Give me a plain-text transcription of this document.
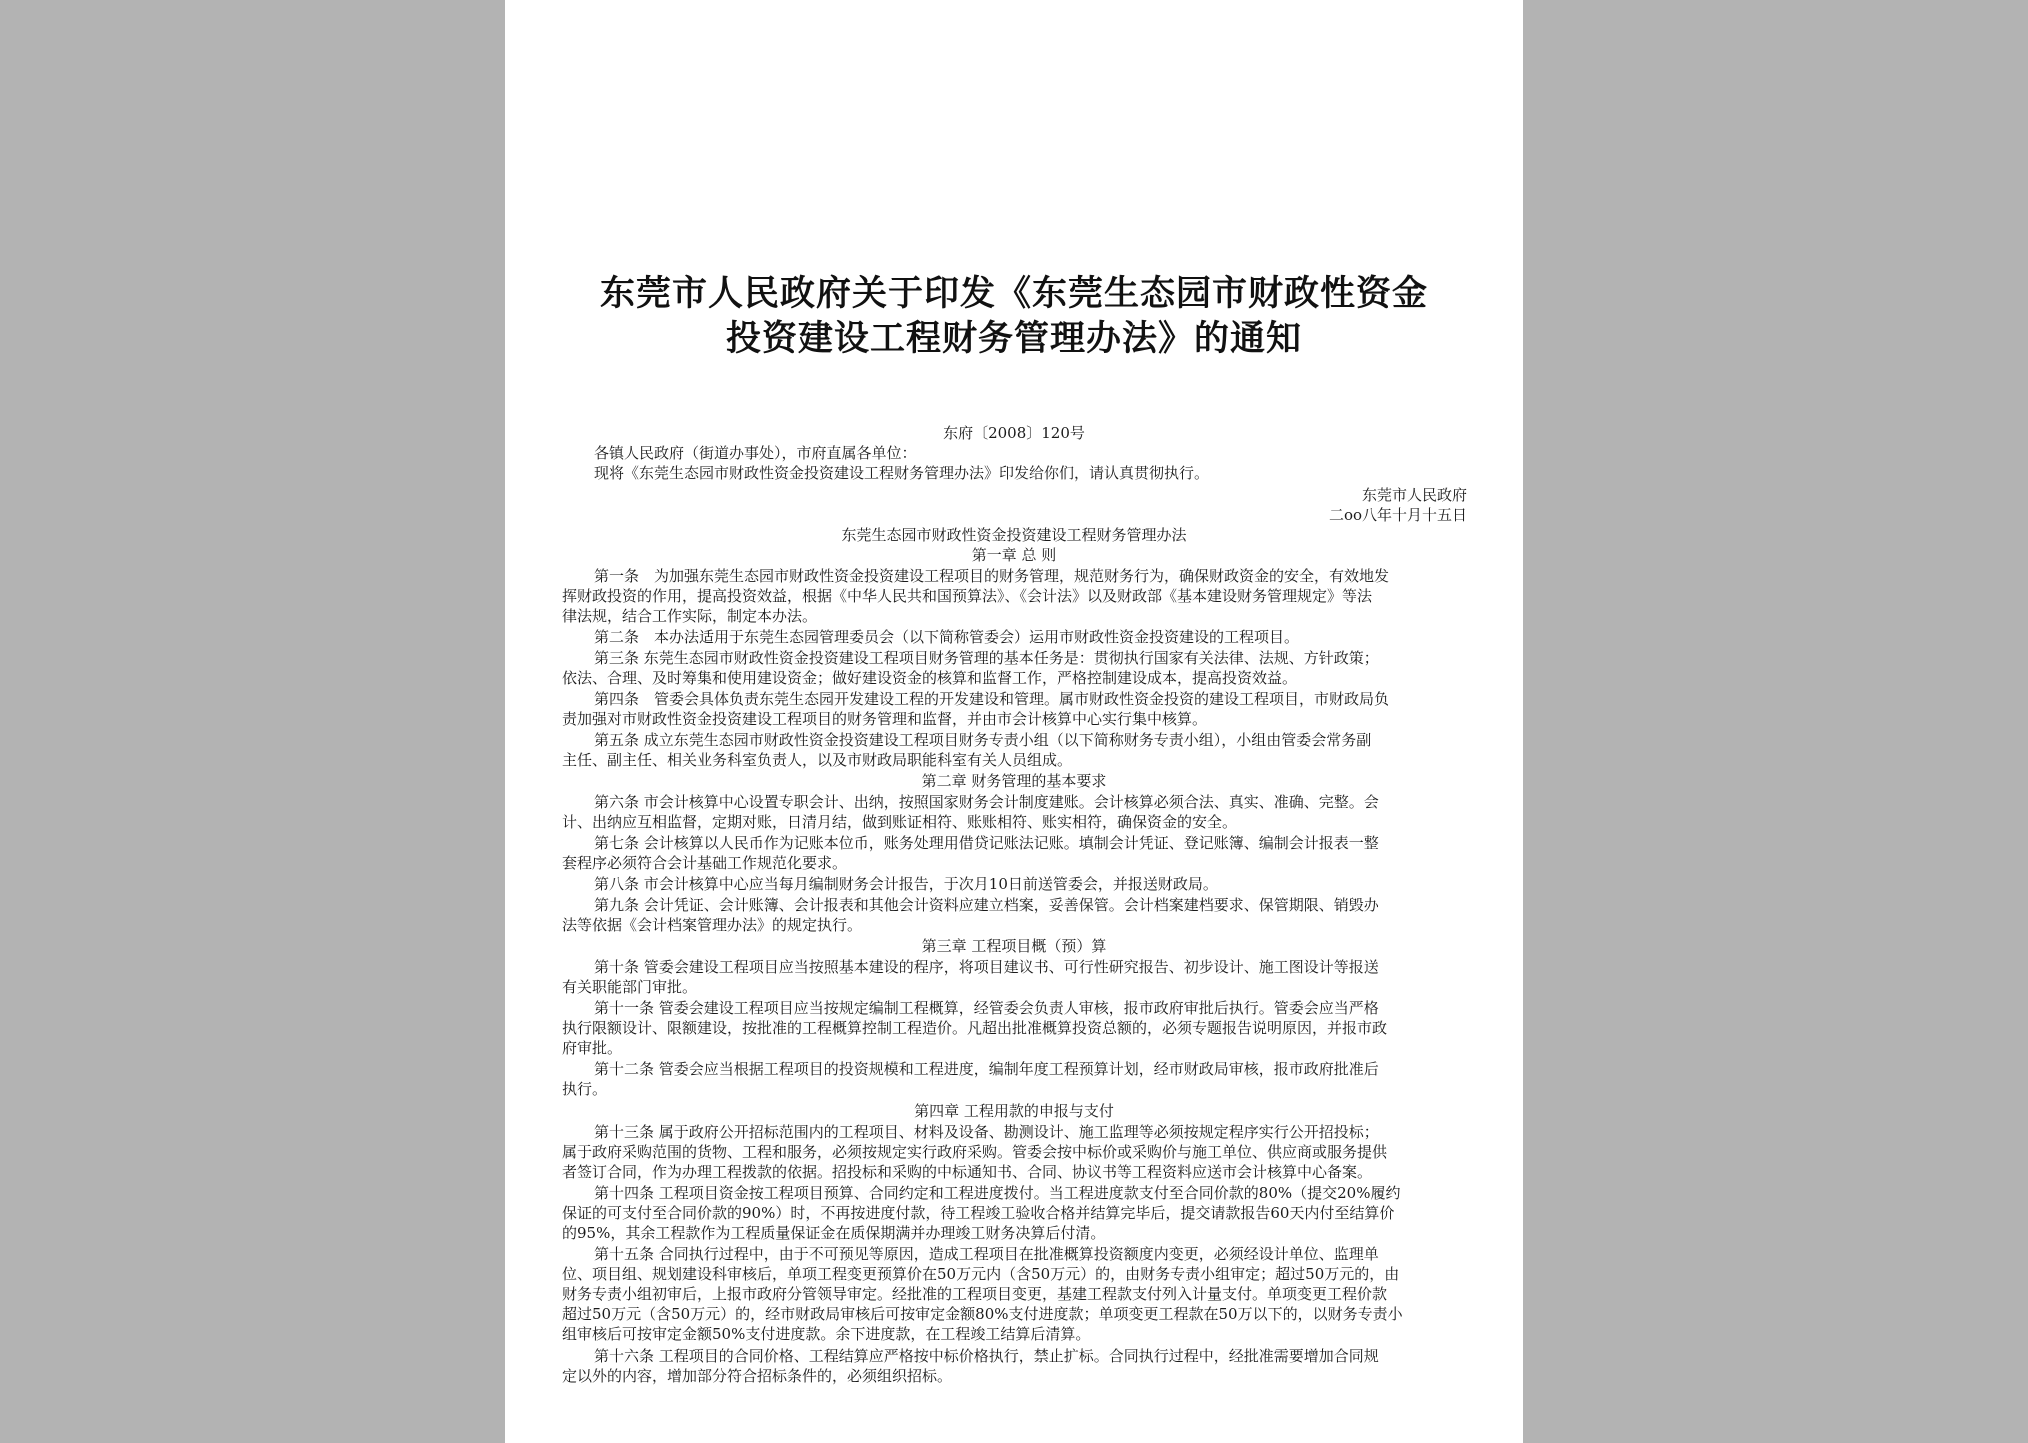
东莞市人民政府关于印发《东莞生态园市财政性资金
投资建设工程财务管理办法》的通知
东府〔2008〕120号
各镇人民政府（街道办事处），市府直属各单位：
现将《东莞生态园市财政性资金投资建设工程财务管理办法》印发给你们，请认真贯彻执行。
东莞市人民政府
二oo八年十月十五日
东莞生态园市财政性资金投资建设工程财务管理办法
第一章 总 则
第一条　为加强东莞生态园市财政性资金投资建设工程项目的财务管理，规范财务行为，确保财政资金的安全，有效地发
挥财政投资的作用，提高投资效益，根据《中华人民共和国预算法》、《会计法》以及财政部《基本建设财务管理规定》等法
律法规，结合工作实际，制定本办法。
第二条　本办法适用于东莞生态园管理委员会（以下简称管委会）运用市财政性资金投资建设的工程项目。
第三条 东莞生态园市财政性资金投资建设工程项目财务管理的基本任务是：贯彻执行国家有关法律、法规、方针政策；
依法、合理、及时筹集和使用建设资金；做好建设资金的核算和监督工作，严格控制建设成本，提高投资效益。
第四条　管委会具体负责东莞生态园开发建设工程的开发建设和管理。属市财政性资金投资的建设工程项目，市财政局负
责加强对市财政性资金投资建设工程项目的财务管理和监督，并由市会计核算中心实行集中核算。
第五条 成立东莞生态园市财政性资金投资建设工程项目财务专责小组（以下简称财务专责小组），小组由管委会常务副
主任、副主任、相关业务科室负责人，以及市财政局职能科室有关人员组成。
第二章 财务管理的基本要求
第六条 市会计核算中心设置专职会计、出纳，按照国家财务会计制度建账。会计核算必须合法、真实、准确、完整。会
计、出纳应互相监督，定期对账，日清月结，做到账证相符、账账相符、账实相符，确保资金的安全。
第七条 会计核算以人民币作为记账本位币，账务处理用借贷记账法记账。填制会计凭证、登记账簿、编制会计报表一整
套程序必须符合会计基础工作规范化要求。
第八条 市会计核算中心应当每月编制财务会计报告，于次月10日前送管委会，并报送财政局。
第九条 会计凭证、会计账簿、会计报表和其他会计资料应建立档案，妥善保管。会计档案建档要求、保管期限、销毁办
法等依据《会计档案管理办法》的规定执行。
第三章 工程项目概（预）算
第十条 管委会建设工程项目应当按照基本建设的程序，将项目建议书、可行性研究报告、初步设计、施工图设计等报送
有关职能部门审批。
第十一条 管委会建设工程项目应当按规定编制工程概算，经管委会负责人审核，报市政府审批后执行。管委会应当严格
执行限额设计、限额建设，按批准的工程概算控制工程造价。凡超出批准概算投资总额的，必须专题报告说明原因，并报市政
府审批。
第十二条 管委会应当根据工程项目的投资规模和工程进度，编制年度工程预算计划，经市财政局审核，报市政府批准后
执行。
第四章 工程用款的申报与支付
第十三条 属于政府公开招标范围内的工程项目、材料及设备、勘测设计、施工监理等必须按规定程序实行公开招投标；
属于政府采购范围的货物、工程和服务，必须按规定实行政府采购。管委会按中标价或采购价与施工单位、供应商或服务提供
者签订合同，作为办理工程拨款的依据。招投标和采购的中标通知书、合同、协议书等工程资料应送市会计核算中心备案。
第十四条 工程项目资金按工程项目预算、合同约定和工程进度拨付。当工程进度款支付至合同价款的80%（提交20%履约
保证的可支付至合同价款的90%）时，不再按进度付款，待工程竣工验收合格并结算完毕后，提交请款报告60天内付至结算价
的95%，其余工程款作为工程质量保证金在质保期满并办理竣工财务决算后付清。
第十五条 合同执行过程中，由于不可预见等原因，造成工程项目在批准概算投资额度内变更，必须经设计单位、监理单
位、项目组、规划建设科审核后，单项工程变更预算价在50万元内（含50万元）的，由财务专责小组审定；超过50万元的，由
财务专责小组初审后，上报市政府分管领导审定。经批准的工程项目变更，基建工程款支付列入计量支付。单项变更工程价款
超过50万元（含50万元）的，经市财政局审核后可按审定金额80%支付进度款；单项变更工程款在50万以下的，以财务专责小
组审核后可按审定金额50%支付进度款。余下进度款，在工程竣工结算后清算。
第十六条 工程项目的合同价格、工程结算应严格按中标价格执行，禁止扩标。合同执行过程中，经批准需要增加合同规
定以外的内容，增加部分符合招标条件的，必须组织招标。
